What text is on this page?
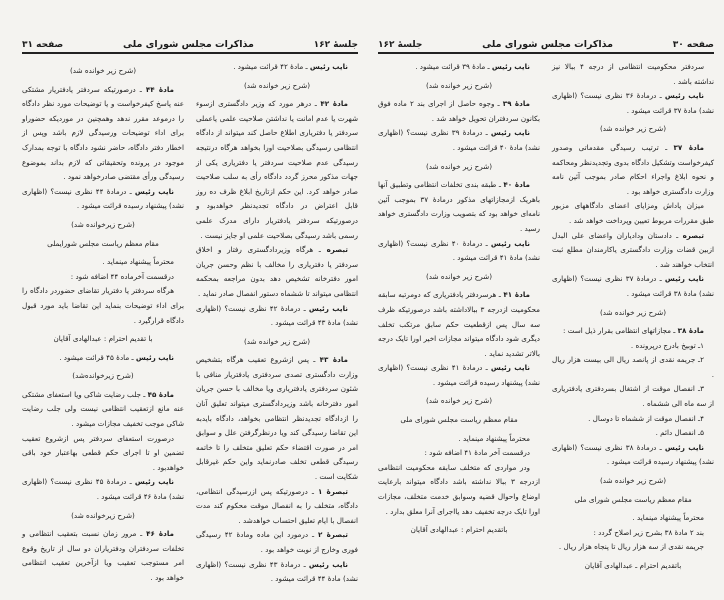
جلسهٔ ۱۶۲
مذاکرات مجلس شورای ملی
صفحه ۳۱

نایب رئیس ـ مادهٔ ۴۲ قرائت میشود .

(شرح زیر خوانده شد)

مادهٔ ۴۲ ـ درهر مورد که وزیر دادگستری ازسوء شهرت یا عدم امانت یا نداشتن صلاحیت علمی یاعملی سردفتر یا دفتریاری اطلاع حاصل کند میتواند از دادگاه انتظامی رسیدگی بصلاحیت اورا بخواهد هرگاه درنتیجه رسیدگی عدم صلاحیت سردفتر یا دفتریاری یکی از جهات مذکور محرز گردد دادگاه رأی به سلب صلاحیت صادر خواهد کرد. این حکم ازتاریخ ابلاغ ظرف ده روز قابل اعتراض در دادگاه تجدیدنظر خواهدبود و درصورتیکه سردفتر یادفتریار دارای مدرک علمی رسمی باشد رسیدگی بصلاحیت علمی او جایز نیست .

تبصره ـ هرگاه وزیردادگستری رفتار و اخلاق سردفتر یا دفتریاری را مخالف با نظم وحسن جریان امور دفترخانه تشخیص دهد بدون مراجعه بمحکمه انتظامی میتواند تا ششماه دستور انفصال صادر نماید .

نایب رئیس ـ درمادهٔ ۴۲ نظری نیست؟ (اظهاری نشد) مادهٔ ۴۳ قرائت میشود .

(شرح زیر خوانده شد)

مادهٔ ۴۳ ـ پس ازشروع تعقیب هرگاه بتشخیص وزارت دادگستری تصدی سردفتری یادفتریار منافی با شئون سردفتری یادفتریاری ویا مخالف با حسن جریان امور دفترخانه باشد وزیردادگستری میتواند تعلیق آنان را ازدادگاه تجدیدنظر انتظامی بخواهد، دادگاه بایدبه این تقاضا رسیدگی کند ویا درنظرگرفتن علل و سوابق امر در صورت اقتضاء حکم تعلیق متخلف را تا خاتمه رسیدگی قطعی تخلف صادرنماید واین حکم غیرقابل شکایت است .

تبصرهٔ ۱ ـ درصورتیکه پس ازرسیدگی انتظامی، دادگاه، متخلف را به انفصال موقت محکوم کند مدت انفصال با ایام تعلیق احتساب خواهدشد .

تبصرهٔ ۲ ـ درمورد این ماده ومادهٔ ۴۲ رسیدگی فوری وخارج از نوبت خواهد بود .

نایب رئیس ـ درمادهٔ ۴۳ نظری نیست؟ (اظهاری نشد) مادهٔ ۴۴ قرائت میشود .

(شرح زیر خوانده شد)

مادهٔ ۴۴ ـ درصورتیکه سردفتر یادفتریار مشتکی عنه پاسخ کیفرخواست و یا توضیحات مورد نظر دادگاه را درموعد مقرر ندهد وهمچنین در موردیکه حضوراو برای اداء توضیحات ورسیدگی لازم باشد وپس از اخطار دفتر دادگاه، حاضر نشود دادگاه با توجه بمدارک موجود در پرونده وتحقیقاتی که لازم بداند بموضوع رسیدگی ورأی مقتضی صادرخواهد نمود .

نایب رئیس ـ درمادهٔ ۴۴ نظری نیست؟ (اظهاری نشد) پیشنهاد رسیده قرائت میشود .

(شرح زیرخوانده شد)

مقام معظم ریاست مجلس شورایملی

محترماً پیشنهاد مینماید .

درقسمت آخرماده ۴۴ اضافه شود :

هرگاه سردفتر یا دفتریار تقاضای حضوردر دادگاه را برای اداء توضیحات بنماید این تقاضا باید مورد قبول دادگاه قرارگیرد .

با تقدیم احترام : عبدالهادی آقایان

نایب رئیس ـ مادهٔ ۴۵ قرائت میشود .

(شرح زیرخوانده‌شد)

مادهٔ ۴۵ ـ جلب رضایت شاکی ویا استعفای مشتکی عنه مانع ازتعقیب انتظامی نیست ولی جلب رضایت شاکی موجب تخفیف مجازات میشود .

درصورت استعفای سردفتر پس ازشروع تعقیب تضمین او تا اجرای حکم قطعی بهاعتبار خود باقی خواهدبود .

نایب رئیس ـ درمادهٔ ۴۵ نظری نیست؟ (اظهاری نشد) مادهٔ ۴۶ قرائت میشود .

(شرح زیرخوانده شد)

مادهٔ ۴۶ ـ مرور زمان نسبت بتعقیب انتظامی و تخلفات سردفتران ودفتریاران دو سال از تاریخ وقوع امر مستوجب تعقیب ویا ازآخرین تعقیب انتظامی خواهد بود .

صفحه ۳۰
مذاکرات مجلس شورای ملی
جلسهٔ ۱۶۲

سردفتر محکومیت انتظامی از درجه ۴ ببالا نیز نداشته باشد .

نایب رئیس ـ درمادهٔ ۳۶ نظری نیست؟ (اظهاری نشد) مادهٔ ۳۷ قرائت میشود .

(شرح زیر خوانده شد)

مادهٔ ۳۷ ـ ترتیب رسیدگی مقدماتی وصدور کیفرخواست وتشکیل دادگاه بدوی وتجدیدنظر ومحاکمه و نحوه ابلاغ واجراء احکام صادر بموجب آئین نامه وزارت دادگستری خواهد بود .

میزان پاداش ومزایای اعضای دادگاههای مزبور طبق مقررات مربوط تعیین وپرداخت خواهد شد .

تبصره ـ دادستان ودادیاران واعضای علی البدل ازبین قضات وزارت دادگستری یاکارمندان مطلع ثبت انتخاب خواهند شد .

نایب رئیس ـ درمادهٔ ۳۷ نظری نیست؟ (اظهاری نشد) مادهٔ ۳۸ قرائت میشود .

(شرح زیر خوانده شد)

مادهٔ ۳۸ ـ مجازاتهای انتظامی بقرار ذیل است :

۱ـ توبیخ بادرج درپرونده .

۲ـ جریمه نقدی از پانصد ریال الی بیست هزار ریال .

۳ـ انفصال موقت از اشتغال بسردفتری یادفتریاری از سه ماه الی ششماه .

۴ـ انفصال موقت از ششماه تا دوسال .

۵ـ انفصال دائم .

نایب رئیس ـ درمادهٔ ۳۸ نظری نیست؟ (اظهاری نشد) پیشنهاد رسیده قرائت میشود .

(شرح زیر خوانده شد)

مقام معظم ریاست مجلس شورای ملی

محترماً پیشنهاد مینماید .

بند ۲ مادهٔ ۳۸ بشرح زیر اصلاح گردد :

جریمه نقدی از سه هزار ریال تا پنجاه هزار ریال .

باتقدیم احترام ـ عبدالهادی آقایان

نایب رئیس ـ مادهٔ ۳۹ قرائت میشود .

(شرح زیر خوانده شد)

مادهٔ ۳۹ ـ وجوه حاصل از اجرای بند ۲ ماده فوق بکانون سردفتران تحویل خواهد شد .

نایب رئیس ـ درمادهٔ ۳۹ نظری نیست؟ (اظهاری نشد) مادهٔ ۴۰ قرائت میشود .

(شرح زیر خوانده شد)

مادهٔ ۴۰ ـ طبقه بندی تخلفات انتظامی وتطبیق آنها باهریک ازمجازاتهای مذکور درمادهٔ ۳۷ بموجب آئین نامه‌ای خواهد بود که بتصویب وزارت دادگستری خواهد رسید .

نایب رئیس ـ درمادهٔ ۴۰ نظری نیست؟ (اظهاری نشد) مادهٔ ۴۱ قرائت میشود .

(شرح زیر خوانده شد)

مادهٔ ۴۱ ـ هرسردفتر یادفتریاری که دومرتبه سابقه محکومیت ازدرجه ۳ ببالاداشته باشد درصورتیکه ظرف سه سال پس ازقطعیت حکم سابق مرتکب تخلف دیگری شود دادگاه میتواند مجازات اخیر اورا تایک درجه بالاتر تشدید نماید .

نایب رئیس ـ درمادهٔ ۴۱ نظری نیست؟ (اظهاری نشد) پیشنهاد رسیده قرائت میشود .

(شرح زیر خوانده شد)

مقام معظم ریاست مجلس شورای ملی

محترماً پیشنهاد مینماید .

درقسمت آخر مادهٔ ۴۱ اضافه شود :

ودر مواردی که متخلف سابقه محکومیت انتظامی ازدرجه ۳ ببالا نداشته باشد دادگاه میتواند بارعایت اوضاع واحوال قضیه وسوابق خدمت متخلف، مجازات اورا تایک درجه تخفیف دهد یااجرای آنرا معلق بدارد .

باتقدیم احترام : عبدالهادی آقایان
